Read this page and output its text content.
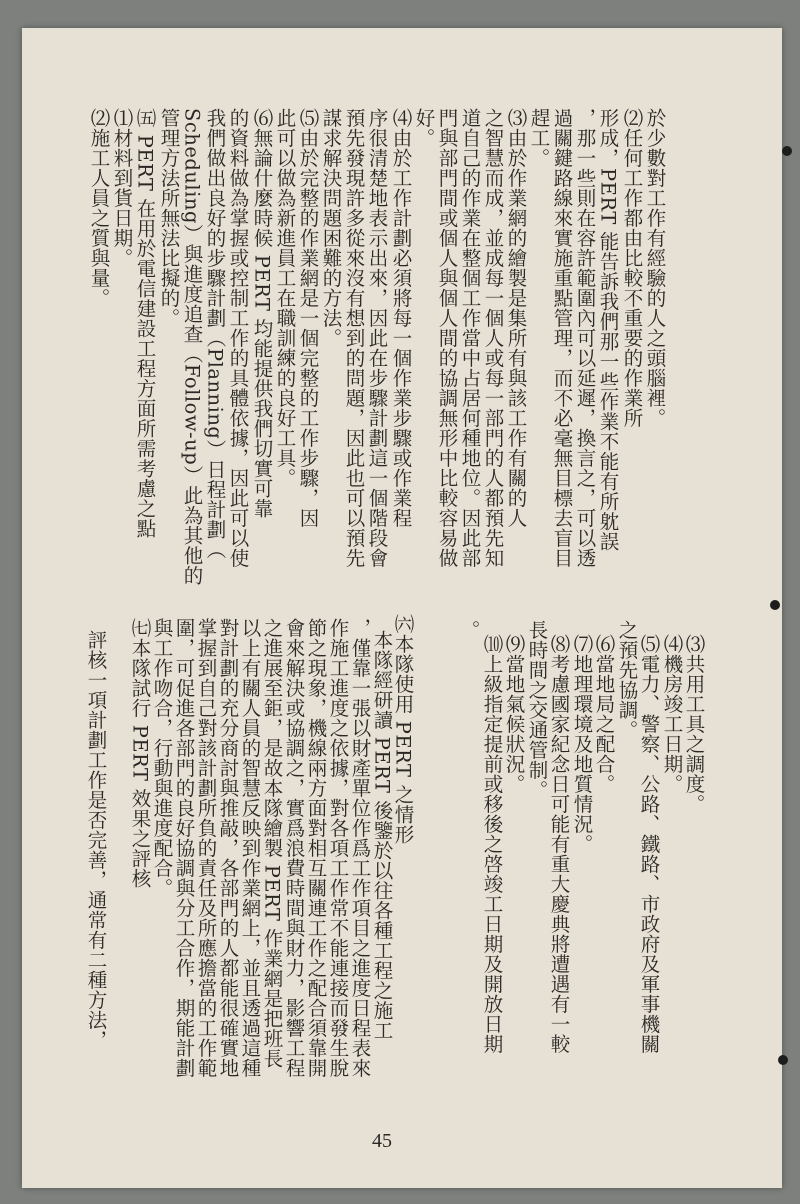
於少數對工作有經驗的人之頭腦裡。
⑵任何工作都由比較不重要的作業所
形成，PERT 能告訴我們那一些作業不能有所躭誤
，那一些則在容許範圍內可以延遲，換言之，可以透
過關鍵路線來實施重點管理，而不必毫無目標去盲目
趕工。
⑶由於作業網的繪製是集所有與該工作有關的人
之智慧而成，並成每一個人或每一部門的人都預先知
道自己的作業在整個工作當中占居何種地位。因此部
門與部門間或個人與個人間的協調無形中比較容易做
好。
⑷由於工作計劃必須將每一個作業步驟或作業程
序很清楚地表示出來，因此在步驟計劃這一個階段會
預先發現許多從來沒有想到的問題，因此也可以預先
謀求解決問題困難的方法。
⑸由於完整的作業網是一個完整的工作步驟，因
此可以做為新進員工在職訓練的良好工具。
⑹無論什麼時候 PERT 均能提供我們切實可靠
的資料做為掌握或控制工作的具體依據，因此可以使
我們做出良好的步驟計劃（Planning）日程計劃（
Scheduling）與進度追查（Follow-up）此為其他的
管理方法所無法比擬的。
㈤ PERT 在用於電信建設工程方面所需考慮之點
⑴材料到貨日期。
⑵施工人員之質與量。
⑶共用工具之調度。
⑷機房竣工日期。
⑸電力、警察、公路、鐵路、市政府及軍事機關
之預先協調。
⑹當地局之配合。
⑺地理環境及地質情況。
⑻考慮國家紀念日可能有重大慶典將遭遇有一較
長時間之交通管制。
⑼當地氣候狀況。
⑽上級指定提前或移後之啓竣工日期及開放日期
。
㈥本隊使用 PERT 之情形
本隊經研讀 PERT 後鑒於以往各種工程之施工
，僅靠一張以財產單位作爲工作項目之進度日程表來
作施工進度之依據，對各項工作常不能連接而發生脫
節之現象，機線兩方面對相互關連工作之配合須靠開
會來解決或協調之，實爲浪費時間與財力，影響工程
之進展至鉅，是故本隊繪製 PERT 作業網是把班長
以上有關人員的智慧反映到作業網上，並且透過這種
對計劃的充分商討與推敲，各部門的人都能很確實地
掌握到自己對該計劃所負的責任及所應擔當的工作範
圍，可促進各部門的良好協調與分工合作，期能計劃
與工作吻合，行動與進度配合。
㈦本隊試行 PERT 效果之評核
評核一項計劃工作是否完善，通常有二種方法，
45
